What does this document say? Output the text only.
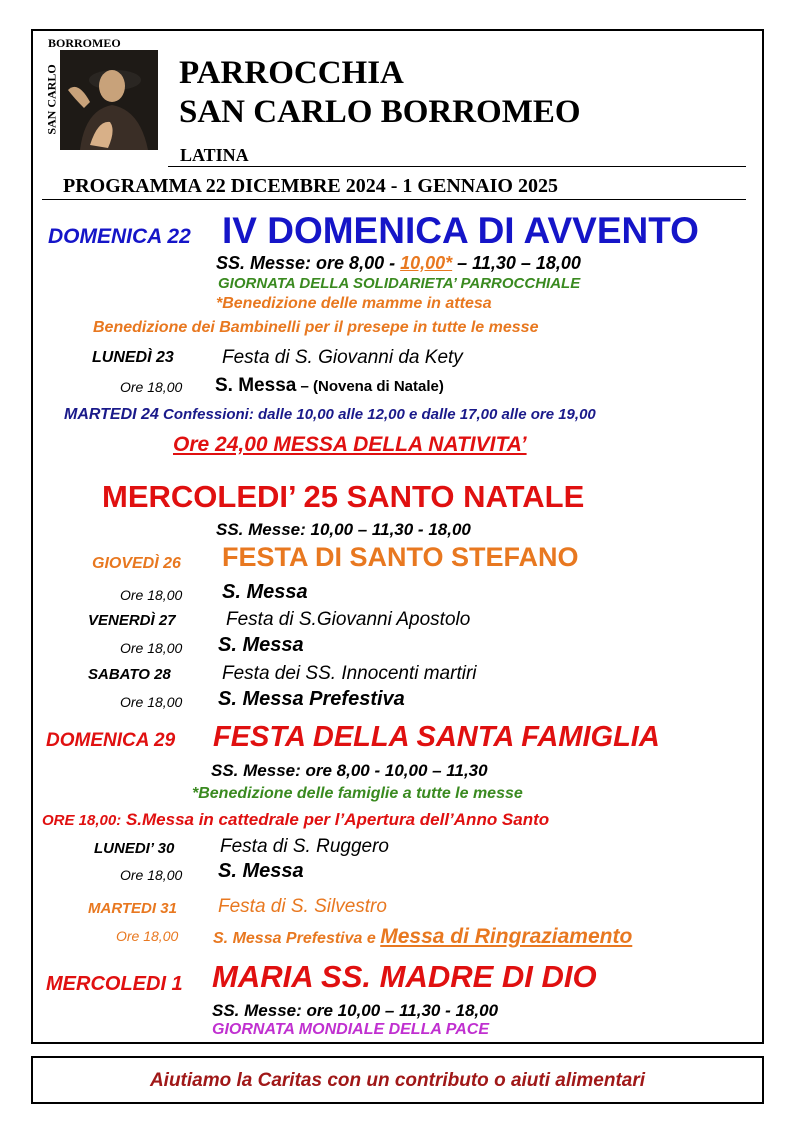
BORROMEO
SAN CARLO	PARROCCHIA
SAN CARLO BORROMEO
LATINA
PROGRAMMA 22 DICEMBRE 2024 - 1 GENNAIO 2025
DOMENICA 22 IV DOMENICA DI AVVENTO
SS. Messe: ore 8,00 - 10,00* – 11,30 – 18,00
GIORNATA DELLA SOLIDARIETA’ PARROCCHIALE
*Benedizione delle mamme in attesa
Benedizione dei Bambinelli per il presepe in tutte le messe
LUNEDÌ 23	Festa di S. Giovanni da Kety
Ore 18,00 S. Messa – (Novena di Natale)
MARTEDI 24 Confessioni: dalle 10,00 alle 12,00 e dalle 17,00 alle ore 19,00
Ore 24,00 MESSA DELLA NATIVITA’
MERCOLEDI’ 25 SANTO NATALE
SS. Messe: 10,00 – 11,30 - 18,00
GIOVEDÌ 26 FESTA DI SANTO STEFANO
Ore 18,00 S. Messa
VENERDÌ 27	Festa di S.Giovanni Apostolo
Ore 18,00 S. Messa
SABATO 28	Festa dei SS. Innocenti martiri
Ore 18,00 S. Messa Prefestiva
DOMENICA 29 FESTA DELLA SANTA FAMIGLIA
SS. Messe: ore 8,00 - 10,00 – 11,30
*Benedizione delle famiglie a tutte le messe
ORE 18,00: S.Messa in cattedrale per l’Apertura dell’Anno Santo
LUNEDI’ 30 Festa di S. Ruggero
Ore 18,00 S. Messa
MARTEDI 31 Festa di S. Silvestro
Ore 18,00 S. Messa Prefestiva e Messa di Ringraziamento
MERCOLEDI 1 MARIA SS. MADRE DI DIO
SS. Messe: ore 10,00 – 11,30 - 18,00
GIORNATA MONDIALE DELLA PACE
Aiutiamo la Caritas con un contributo o aiuti alimentari
